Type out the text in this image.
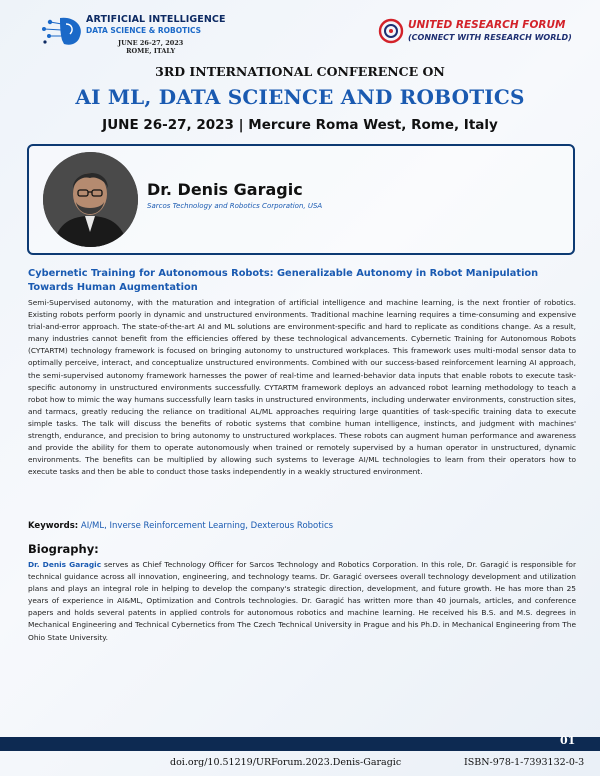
ARTIFICIAL INTELLIGENCE
DATA SCIENCE & ROBOTICS
JUNE 26-27, 2023
ROME, ITALY
UNITED RESEARCH FORUM
(CONNECT WITH RESEARCH WORLD)
3RD INTERNATIONAL CONFERENCE ON
AI ML, DATA SCIENCE AND ROBOTICS
JUNE 26-27, 2023 | Mercure Roma West, Rome, Italy
Dr. Denis Garagic
Sarcos Technology and Robotics Corporation, USA
Cybernetic Training for Autonomous Robots: Generalizable Autonomy in Robot Manipulation Towards Human Augmentation

Semi-Supervised autonomy, with the maturation and integration of artificial intelligence and machine learning, is the next frontier of robotics. Existing robots perform poorly in dynamic and unstructured environments. Traditional machine learning requires a time-consuming and expensive trial-and-error approach. The state-of-the-art AI and ML solutions are environment-specific and hard to replicate as conditions change. As a result, many industries cannot benefit from the efficiencies offered by these technological advancements. Cybernetic Training for Autonomous Robots (CYTARTM) technology framework is focused on bringing autonomy to unstructured workplaces. This framework uses multi-modal sensor data to optimally perceive, interact, and conceptualize unstructured environments. Combined with our success-based reinforcement learning AI approach, the semi-supervised autonomy framework harnesses the power of real-time and learned-behavior data inputs that enable robots to execute task-specific autonomy in unstructured environments successfully. CYTARTM framework deploys an advanced robot learning methodology to teach a robot how to mimic the way humans successfully learn tasks in unstructured environments, including underwater environments, construction sites, and tarmacs, greatly reducing the reliance on traditional AL/ML approaches requiring large quantities of task-specific training data to execute simple tasks. The talk will discuss the benefits of robotic systems that combine human intelligence, instincts, and judgment with machines' strength, endurance, and precision to bring autonomy to unstructured workplaces. These robots can augment human performance and awareness and provide the ability for them to operate autonomously when trained or remotely supervised by a human operator in unstructured, dynamic environments. The benefits can be multiplied by allowing such systems to leverage AI/ML technologies to learn from their operators how to execute tasks and then be able to conduct those tasks independently in a weakly structured environment.

Keywords: AI/ML, Inverse Reinforcement Learning, Dexterous Robotics
Biography:

Dr. Denis Garagic serves as Chief Technology Officer for Sarcos Technology and Robotics Corporation. In this role, Dr. Garagić is responsible for technical guidance across all innovation, engineering, and technology teams. Dr. Garagić oversees overall technology development and utilization plans and plays an integral role in helping to develop the company's strategic direction, development, and future growth. He has more than 25 years of experience in AI&ML, Optimization and Controls technologies. Dr. Garagić has written more than 40 journals, articles, and conference papers and holds several patents in applied controls for autonomous robotics and machine learning. He received his B.S. and M.S. degrees in Mechanical Engineering and Technical Cybernetics from The Czech Technical University in Prague and his Ph.D. in Mechanical Engineering from The Ohio State University.

01
doi.org/10.51219/URForum.2023.Denis-Garagic	ISBN-978-1-7393132-0-3
